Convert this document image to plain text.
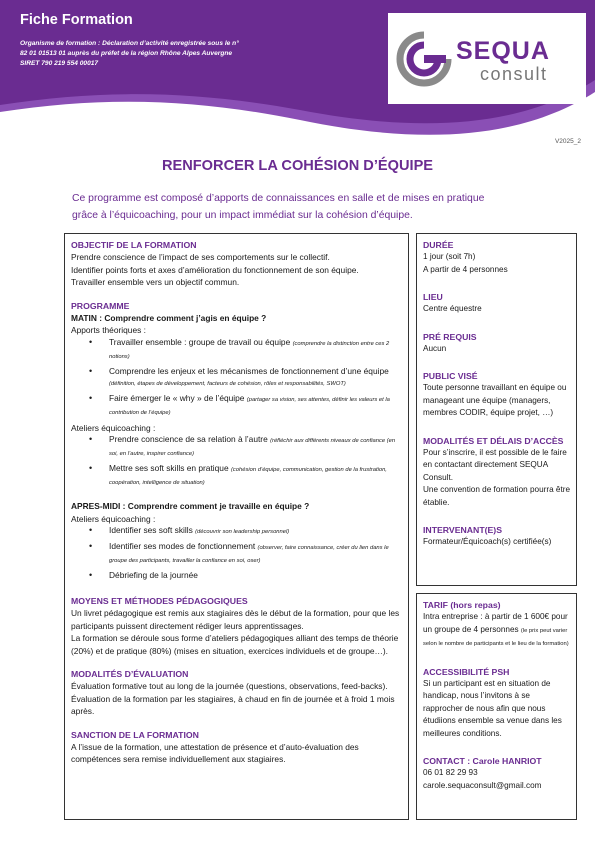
Fiche Formation
Organisme de formation : Déclaration d’activité enregistrée sous le n°
82 01 01513 01 auprès du préfet de la région Rhône Alpes Auvergne
SIRET 790 219 554 00017	SEQUA
consult
V2025_2
RENFORCER LA COHÉSION D’ÉQUIPE
Ce programme est composé d’apports de connaissances en salle et de mises en pratique
grâce à l’équicoaching, pour un impact immédiat sur la cohésion d’équipe.
OBJECTIF DE LA FORMATION
Prendre conscience de l’impact de ses comportements sur le collectif.
Identifier points forts et axes d’amélioration du fonctionnement de son équipe.
Travailler ensemble vers un objectif commun.
PROGRAMME
MATIN : Comprendre comment j’agis en équipe ?
Apports théoriques :
• Travailler ensemble : groupe de travail ou équipe (comprendre la distinction entre ces 2 notions)
• Comprendre les enjeux et les mécanismes de fonctionnement d’une équipe (définition, étapes de développement, facteurs de cohésion, rôles et responsabilités, SWOT)
• Faire émerger le « why » de l’équipe (partager sa vision, ses attentes, définir les valeurs et la contribution de l’équipe)
Ateliers équicoaching :
• Prendre conscience de sa relation à l’autre (réfléchir aux différents niveaux de confiance (en soi, en l’autre, inspirer confiance)
• Mettre ses soft skills en pratique (cohésion d’équipe, communication, gestion de la frustration, coopération, intelligence de situation)
APRES-MIDI : Comprendre comment je travaille en équipe ?
Ateliers équicoaching :
• Identifier ses soft skills (découvrir son leadership personnel)
• Identifier ses modes de fonctionnement (observer, faire connaissance, créer du lien dans le groupe des participants, travailler la confiance en soi, oser)
• Débriefing de la journée
MOYENS ET MÉTHODES PÉDAGOGIQUES
Un livret pédagogique est remis aux stagiaires dès le début de la formation, pour que les participants puissent directement rédiger leurs apprentissages.
La formation se déroule sous forme d’ateliers pédagogiques alliant des temps de théorie (20%) et de pratique (80%) (mises en situation, exercices individuels et de groupe…).
MODALITÉS D’ÉVALUATION
Évaluation formative tout au long de la journée (questions, observations, feed-backs).
Évaluation de la formation par les stagiaires, à chaud en fin de journée et à froid 1 mois après.
SANCTION DE LA FORMATION
A l’issue de la formation, une attestation de présence et d’auto-évaluation des compétences sera remise individuellement aux stagiaires.
DURÉE
1 jour (soit 7h)
A partir de 4 personnes
LIEU
Centre équestre
PRÉ REQUIS
Aucun
PUBLIC VISÉ
Toute personne travaillant en équipe ou manageant une équipe (managers, membres CODIR, équipe projet, …)
MODALITÉS ET DÉLAIS D’ACCÈS
Pour s’inscrire, il est possible de le faire en contactant directement SEQUA Consult.
Une convention de formation pourra être établie.
INTERVENANT(E)S
Formateur/Équicoach(s) certifiée(s)
TARIF (hors repas)
Intra entreprise : à partir de 1 600€ pour un groupe de 4 personnes (le prix peut varier selon le nombre de participants et le lieu de la formation)
ACCESSIBILITÉ PSH
Si un participant est en situation de handicap, nous l’invitons à se rapprocher de nous afin que nous étudiions ensemble sa venue dans les meilleures conditions.
CONTACT : Carole HANRIOT
06 01 82 29 93
carole.sequaconsult@gmail.com
